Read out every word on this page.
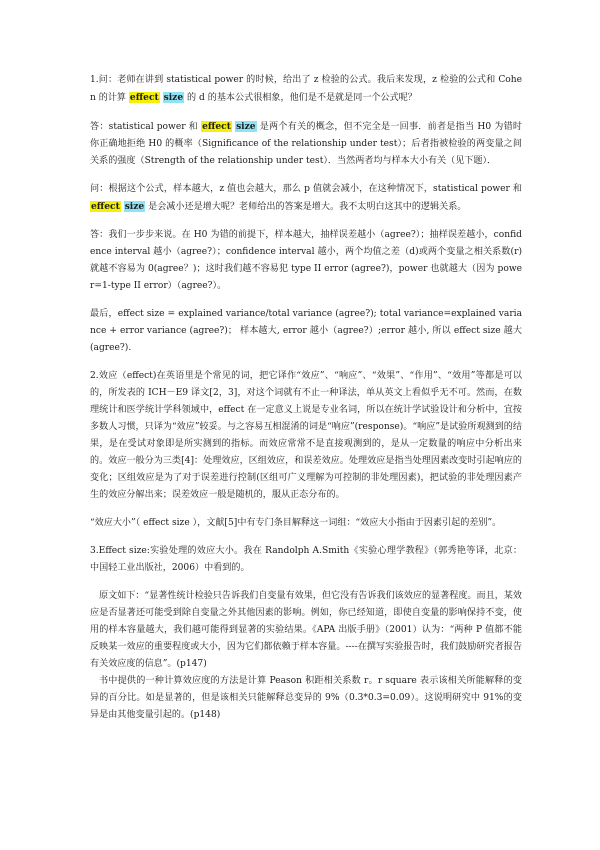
1.问：老师在讲到 statistical power 的时候，给出了 z 检验的公式。我后来发现，z 检验的公式和 Cohen 的计算 effect size 的 d 的基本公式很相象，他们是不是就是同一个公式呢？

答：statistical power 和 effect size 是两个有关的概念，但不完全是一回事．前者是指当 H0 为错时你正确地拒绝 H0 的概率（Significance of the relationship under test）；后者指被检验的两变量之间关系的强度（Strength of the relationship under test）．当然两者均与样本大小有关（见下题）．

问：根据这个公式，样本越大，z 值也会越大，那么 p 值就会减小，在这种情况下，statistical power 和 effect size 是会减小还是增大呢？老师给出的答案是增大。我不太明白这其中的逻辑关系。

答：我们一步步来说。在 H0 为错的前提下，样本越大，抽样误差越小（agree?）；抽样误差越小，confidence interval 越小（agree?）；confidence interval 越小，两个均值之差（d)或两个变量之相关系数(r)就越不容易为 0(agree？)；这时我们越不容易犯 type II error (agree?)，power 也就越大（因为 power=1-type II error）（agree?）。

最后，effect size = explained variance/total variance (agree?); total variance=explained variance + error variance (agree?)； 样本越大, error 越小（agree?）;error 越小, 所以 effect size 越大(agree?).

2.效应（effect)在英语里是个常见的词，把它译作“效应”、“响应”、“效果”、“作用”、“效用”等都是可以的，所发表的 ICH－E9 译文[2，3]，对这个词就有不止一种译法，单从英文上看似乎无不可。然而，在数理统计和医学统计学科领域中，effect 在一定意义上说是专业名词，所以在统计学试验设计和分析中，宜按多数人习惯，只译为“效应”较妥。与之容易互相混淆的词是“响应”(response)。“响应”是试验所观测到的结果，是在受试对象即是所实测到的指标。而效应常常不是直接观测到的，是从一定数量的响应中分析出来的。效应一般分为三类[4]：处理效应，区组效应，和误差效应。处理效应是指当处理因素改变时引起响应的变化；区组效应是为了对于误差进行控制(区组可广义理解为可控制的非处理因素)，把试验的非处理因素产生的效应分解出来；误差效应一般是随机的，服从正态分布的。

“效应大小”（ effect size ），文献[5]中有专门条目解释这一词组：“效应大小指由于因素引起的差别”。

3.Effect size:实验处理的效应大小。我在 Randolph A.Smith《实验心理学教程》（郭秀艳等译，北京：中国轻工业出版社，2006）中看到的。

原文如下：“显著性统计检验只告诉我们自变量有效果，但它没有告诉我们该效应的显著程度。而且，某效应是否显著还可能受到除自变量之外其他因素的影响。例如，你已经知道，即使自变量的影响保持不变，使用的样本容量越大，我们越可能得到显著的实验结果。《APA 出版手册》（2001）认为：“两种 P 值都不能反映某一效应的重要程度或大小，因为它们都依赖于样本容量。----在撰写实验报告时，我们鼓励研究者报告有关效应度的信息”。(p147)

书中提供的一种计算效应度的方法是计算 Peason 积距相关系数 r。r square 表示该相关所能解释的变异的百分比。如是显著的，但是该相关只能解释总变异的 9%（0.3*0.3=0.09）。这说明研究中 91%的变异是由其他变量引起的。(p148)
